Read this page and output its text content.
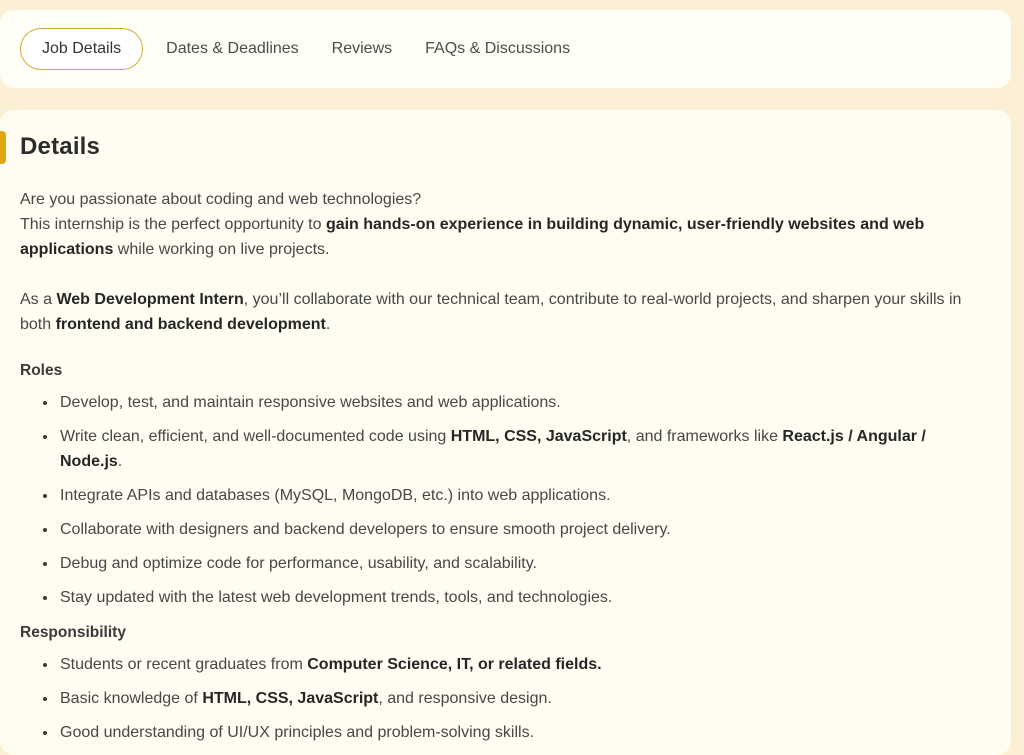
Job Details	Dates & Deadlines Reviews FAQs & Discussions
Details

Are you passionate about coding and web technologies?
This internship is the perfect opportunity to gain hands-on experience in building dynamic, user-friendly websites and web applications while working on live projects.

As a Web Development Intern, you’ll collaborate with our technical team, contribute to real-world projects, and sharpen your skills in both frontend and backend development.

Roles
• Develop, test, and maintain responsive websites and web applications.
• Write clean, efficient, and well-documented code using HTML, CSS, JavaScript, and frameworks like React.js / Angular / Node.js.
• Integrate APIs and databases (MySQL, MongoDB, etc.) into web applications.
• Collaborate with designers and backend developers to ensure smooth project delivery.
• Debug and optimize code for performance, usability, and scalability.
• Stay updated with the latest web development trends, tools, and technologies.
Responsibility
• Students or recent graduates from Computer Science, IT, or related fields.
• Basic knowledge of HTML, CSS, JavaScript, and responsive design.
• Good understanding of UI/UX principles and problem-solving skills.
